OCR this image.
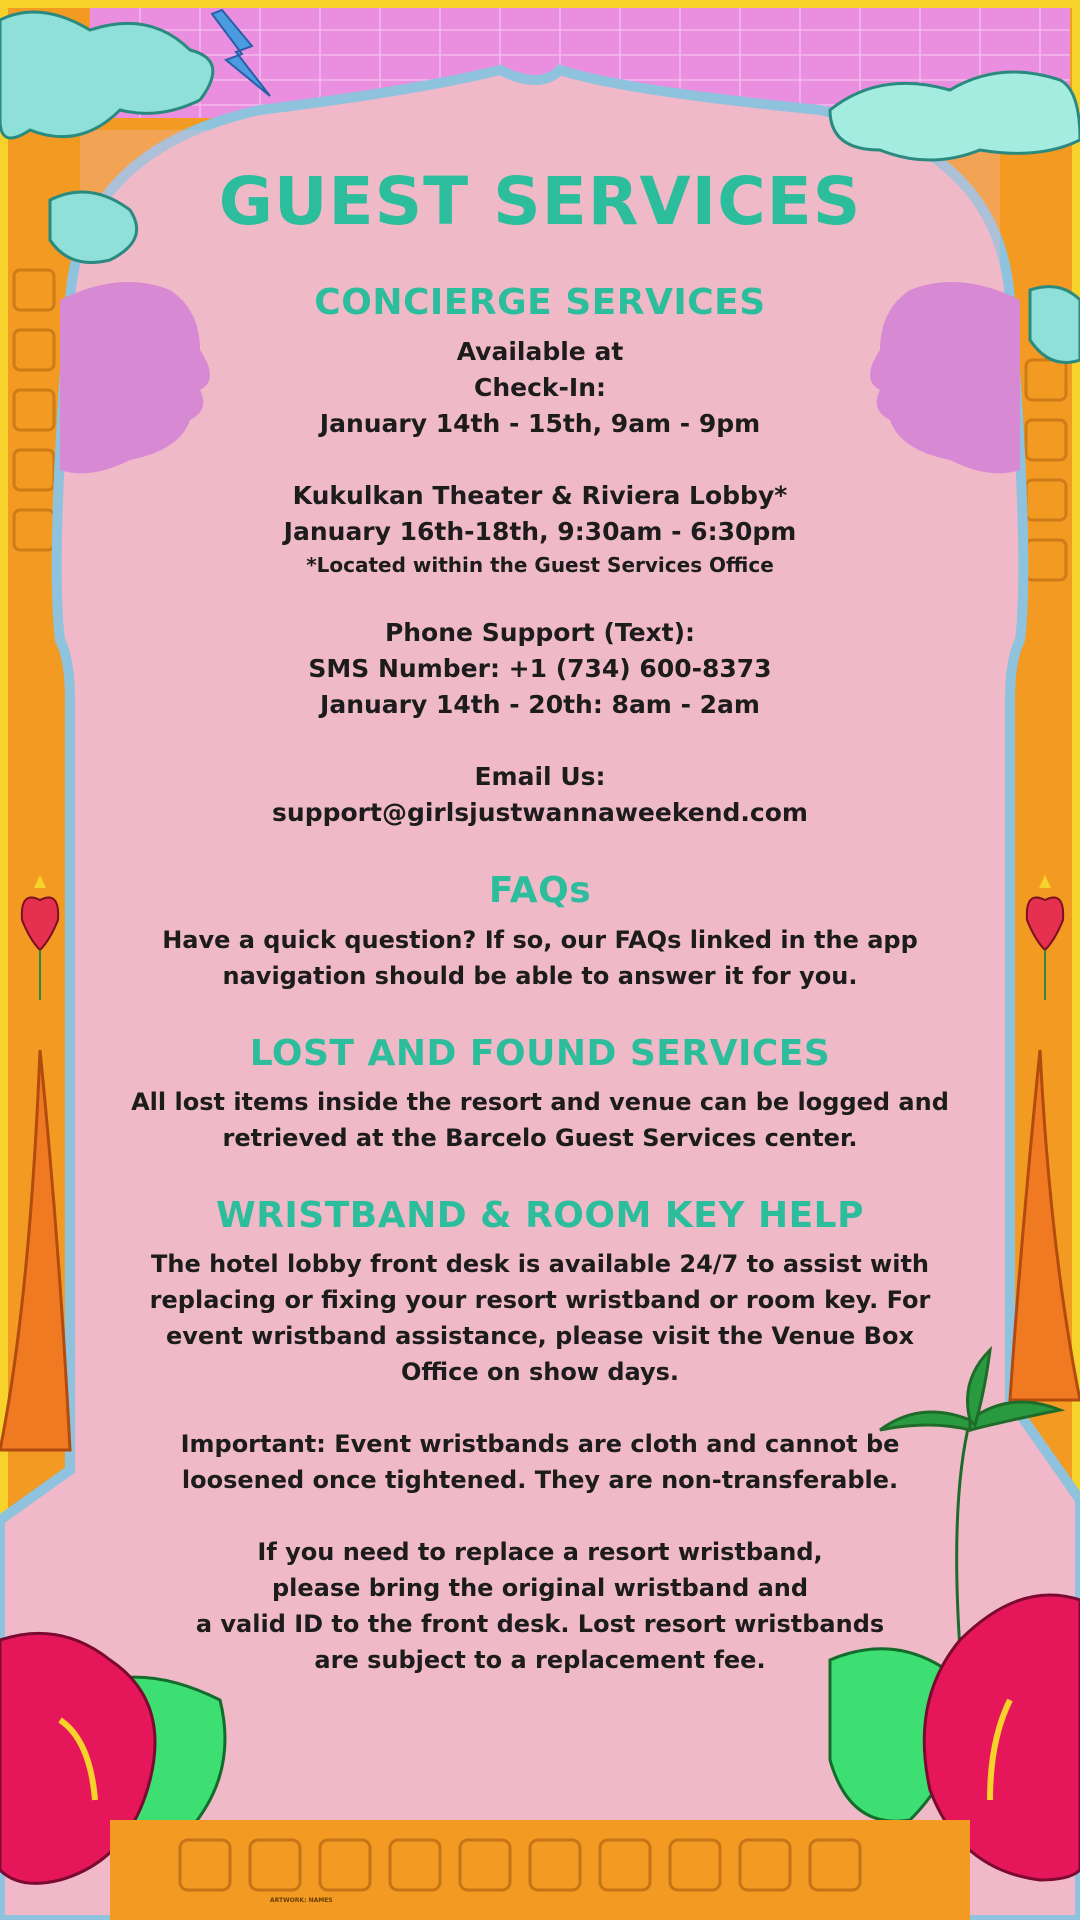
GUEST SERVICES
CONCIERGE SERVICES
Available at
Check-In:
January 14th - 15th, 9am - 9pm
Kukulkan Theater & Riviera Lobby*
January 16th-18th, 9:30am - 6:30pm
*Located within the Guest Services Office
Phone Support (Text):
SMS Number: +1 (734) 600-8373
January 14th - 20th: 8am - 2am
Email Us:
support@girlsjustwannaweekend.com
FAQs
Have a quick question? If so, our FAQs linked in the app
navigation should be able to answer it for you.
LOST AND FOUND SERVICES
All lost items inside the resort and venue can be logged and
retrieved at the Barcelo Guest Services center.
WRISTBAND & ROOM KEY HELP
The hotel lobby front desk is available 24/7 to assist with
replacing or fixing your resort wristband or room key. For
event wristband assistance, please visit the Venue Box
Office on show days.
Important: Event wristbands are cloth and cannot be
loosened once tightened. They are non-transferable.
If you need to replace a resort wristband,
please bring the original wristband and
a valid ID to the front desk. Lost resort wristbands
are subject to a replacement fee.
ARTWORK: NAMES
